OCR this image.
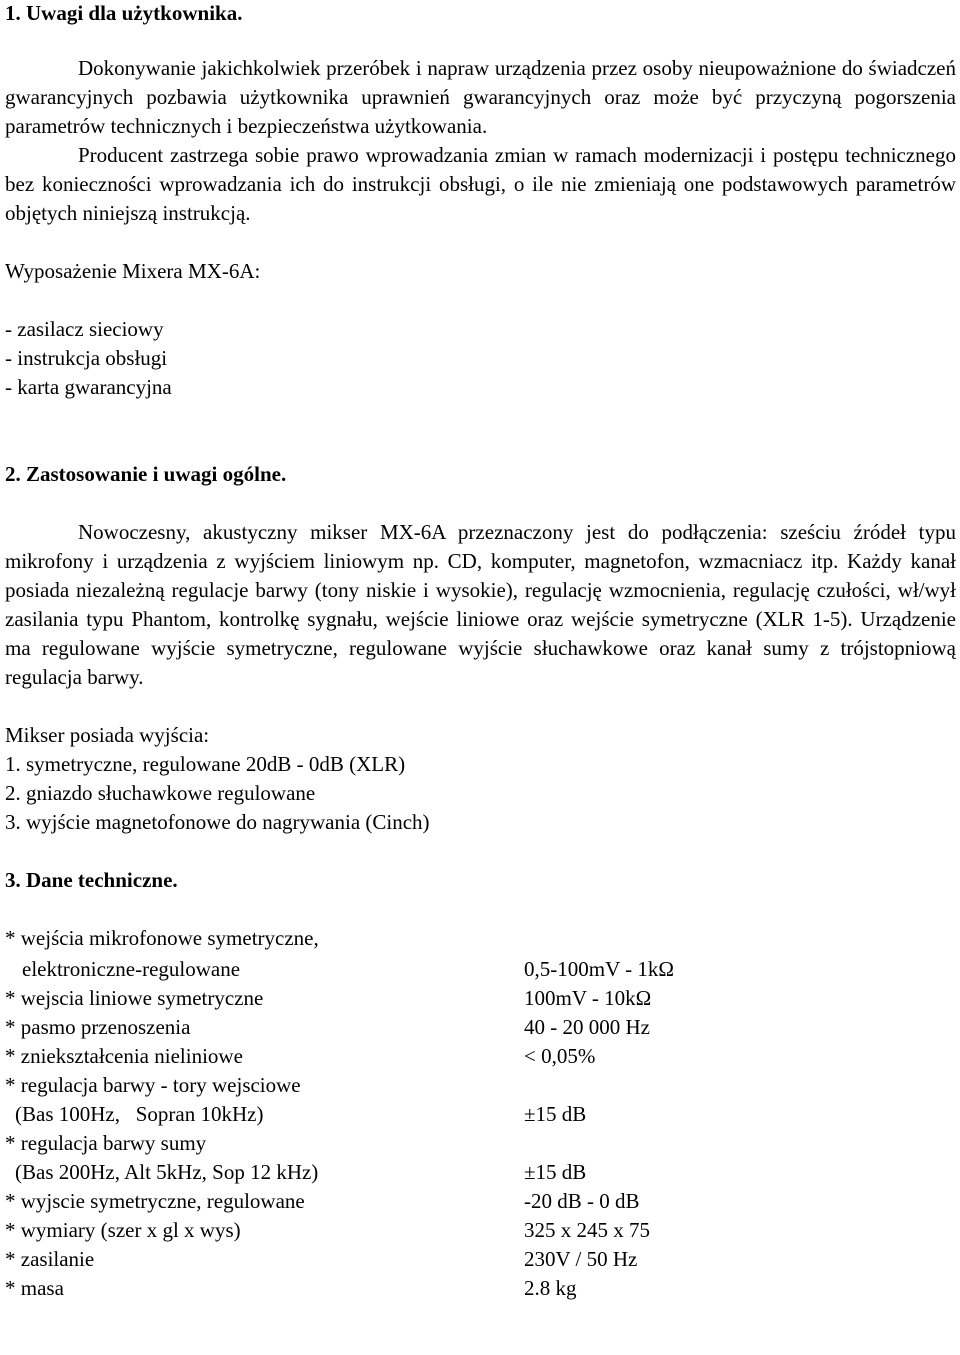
1. Uwagi dla użytkownika.

Dokonywanie jakichkolwiek przeróbek i napraw urządzenia przez osoby nieupoważnione do świadczeń gwarancyjnych pozbawia użytkownika uprawnień gwarancyjnych oraz może być przyczyną pogorszenia parametrów technicznych i bezpieczeństwa użytkowania.

Producent zastrzega sobie prawo wprowadzania zmian w ramach modernizacji i postępu technicznego bez konieczności wprowadzania ich do instrukcji obsługi, o ile nie zmieniają one podstawowych parametrów objętych niniejszą instrukcją.

Wyposażenie Mixera MX-6A:

- zasilacz sieciowy
- instrukcja obsługi
- karta gwarancyjna

2. Zastosowanie i uwagi ogólne.

Nowoczesny, akustyczny mikser MX-6A przeznaczony jest do podłączenia: sześciu źródeł typu mikrofony i urządzenia z wyjściem liniowym np. CD, komputer, magnetofon, wzmacniacz itp. Każdy kanał posiada niezależną regulacje barwy (tony niskie i wysokie), regulację wzmocnienia, regulację czułości, wł/wył zasilania typu Phantom, kontrolkę sygnału, wejście liniowe oraz wejście symetryczne (XLR 1-5). Urządzenie ma regulowane wyjście symetryczne, regulowane wyjście słuchawkowe oraz kanał sumy z trójstopniową regulacja barwy.

Mikser posiada wyjścia:

1. symetryczne, regulowane 20dB - 0dB (XLR)
2. gniazdo słuchawkowe regulowane
3. wyjście magnetofonowe do nagrywania (Cinch)

3. Dane techniczne.

* wejścia mikrofonowe symetryczne,
elektroniczne-regulowane	0,5-100mV - 1kΩ
* wejscia liniowe symetryczne	100mV - 10kΩ
* pasmo przenoszenia	40 - 20 000 Hz
* zniekształcenia nieliniowe	< 0,05%
* regulacja barwy - tory wejsciowe
(Bas 100Hz,   Sopran 10kHz)	±15 dB
* regulacja barwy sumy
(Bas 200Hz, Alt 5kHz, Sop 12 kHz)	±15 dB
* wyjscie symetryczne, regulowane	-20 dB - 0 dB
* wymiary (szer x gl x wys)	325 x 245 x 75
* zasilanie	230V / 50 Hz
* masa	2.8 kg
